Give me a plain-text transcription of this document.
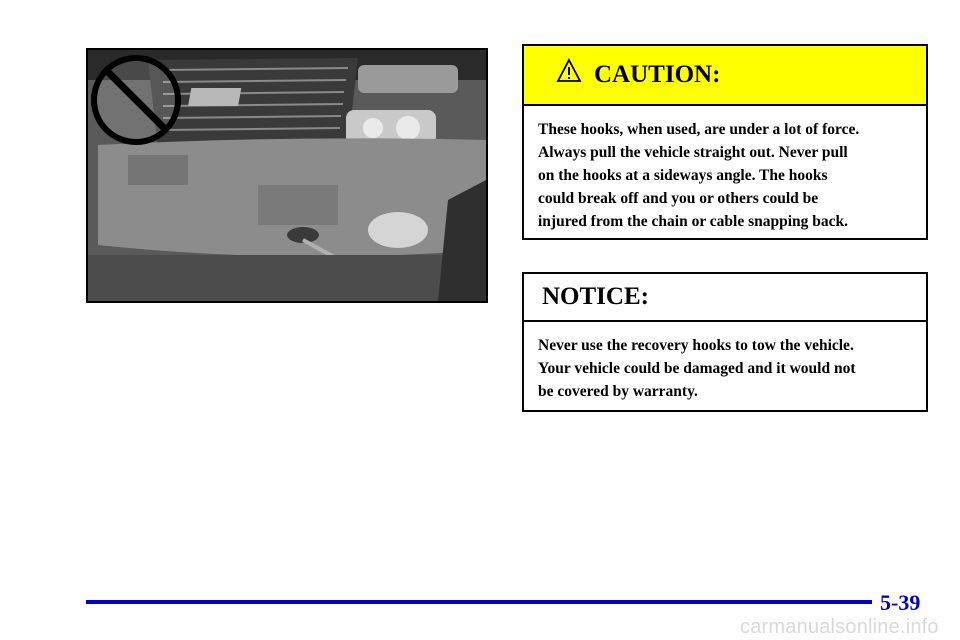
CAUTION:
These hooks, when used, are under a lot of force.
Always pull the vehicle straight out. Never pull
on the hooks at a sideways angle. The hooks
could break off and you or others could be
injured from the chain or cable snapping back.
NOTICE:
Never use the recovery hooks to tow the vehicle.
Your vehicle could be damaged and it would not
be covered by warranty.
5-39
carmanualsonline.info
